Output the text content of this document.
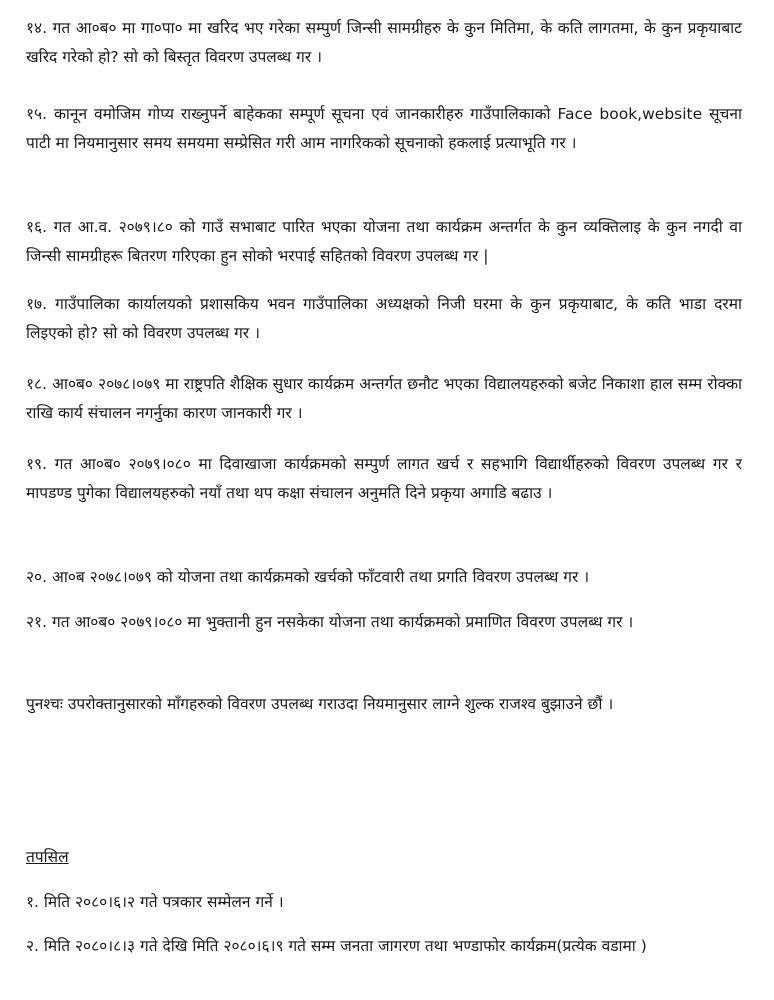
१४. गत आ०ब० मा गा०पा० मा खरिद भए गरेका सम्पुर्ण जिन्सी सामग्रीहरु के कुन मितिमा, के कति लागतमा, के कुन प्रकृयाबाट खरिद गरेको हो? सो को बिस्तृत विवरण उपलब्ध गर ।

१५. कानून वमोजिम गोप्य राख्नुपर्ने बाहेकका सम्पूर्ण सूचना एवं जानकारीहरु गाउँपालिकाको Face book,website सूचना पाटी मा नियमानुसार समय समयमा सम्प्रेसित गरी आम नागरिकको सूचनाको हकलाई प्रत्याभूति गर ।

१६. गत आ.व. २०७९।८० को गाउँ सभाबाट पारित भएका योजना तथा कार्यक्रम अन्तर्गत के कुन व्यक्तिलाइ के कुन नगदी वा जिन्सी सामग्रीहरू बितरण गरिएका हुन सोको भरपाई सहितको विवरण उपलब्ध गर |

१७. गाउँपालिका कार्यालयको प्रशासकिय भवन गाउँपालिका अध्यक्षको निजी घरमा के कुन प्रकृयाबाट, के कति भाडा दरमा लिइएको हो? सो को विवरण उपलब्ध गर ।

१८. आ०ब० २०७८।०७९ मा राष्ट्रपति शैक्षिक सुधार कार्यक्रम अन्तर्गत छनौट भएका विद्यालयहरुको बजेट निकाशा हाल सम्म रोक्का राखि कार्य संचालन नगर्नुका कारण जानकारी गर ।

१९. गत आ०ब० २०७९।०८० मा दिवाखाजा कार्यक्रमको सम्पुर्ण लागत खर्च र सहभागि विद्यार्थीहरुको विवरण उपलब्ध गर र मापडण्ड पुगेका विद्यालयहरुको नयाँ तथा थप कक्षा संचालन अनुमति दिने प्रकृया अगाडि बढाउ ।

२०. आ०ब २०७८।०७९ को योजना तथा कार्यक्रमको खर्चको फाँटवारी तथा प्रगति विवरण उपलब्ध गर ।

२१. गत आ०ब० २०७९।०८० मा भुक्तानी हुन नसकेका योजना तथा कार्यक्रमको प्रमाणित विवरण उपलब्ध गर ।

पुनश्चः उपरोक्तानुसारको माँगहरुको विवरण उपलब्ध गराउदा नियमानुसार लाग्ने शुल्क राजश्व बुझाउने छौं ।

तपसिल

१. मिति २०८०।६।२ गते पत्रकार सम्मेलन गर्ने ।

२. मिति २०८०।८।३ गते देखि मिति २०८०।६।९ गते सम्म जनता जागरण तथा भण्डाफोर कार्यक्रम(प्रत्येक वडामा )
